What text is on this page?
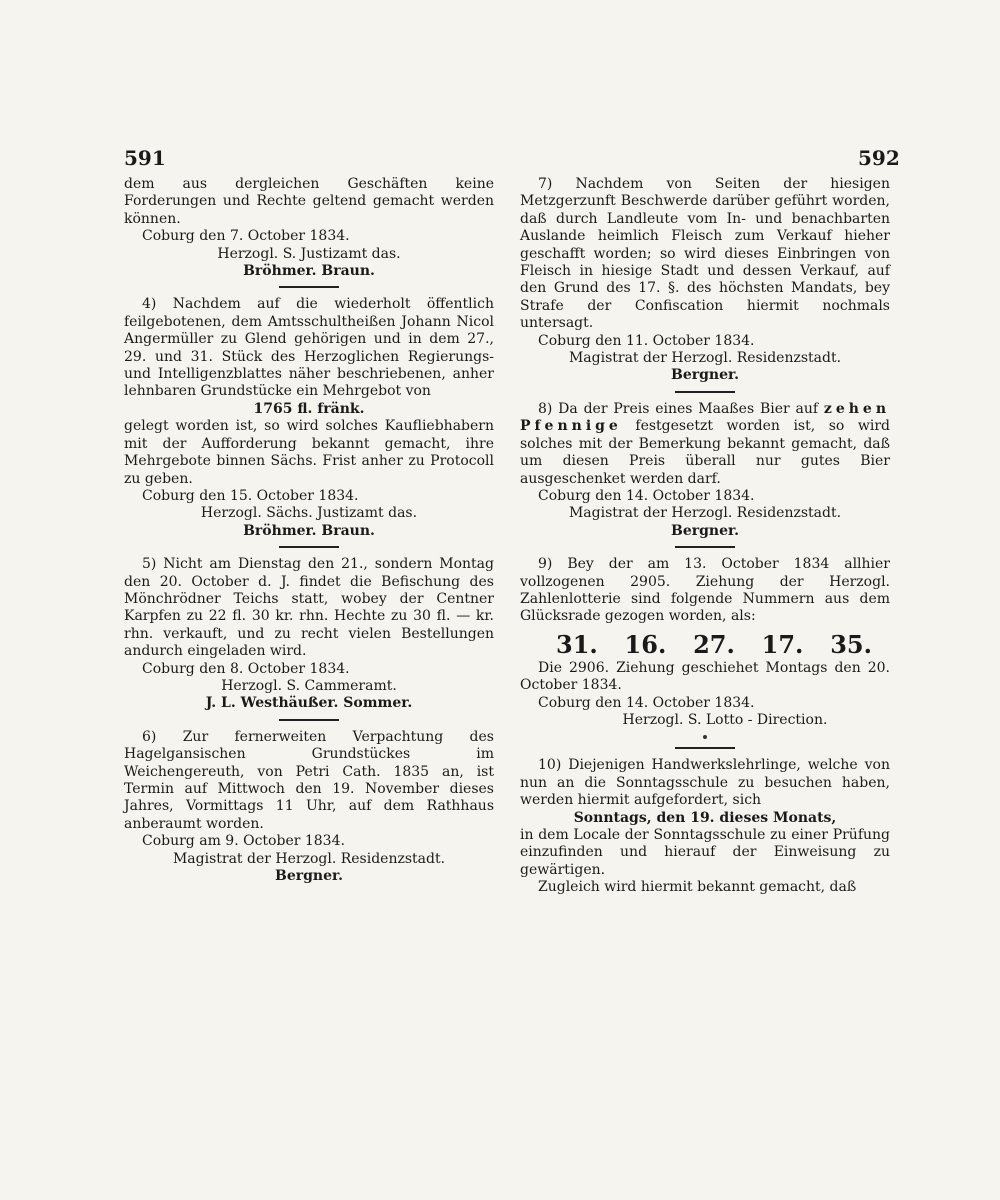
591	592

dem aus dergleichen Geschäften keine Forderungen und Rechte geltend gemacht werden können.

Coburg den 7. October 1834.

Herzogl. S. Justizamt das.

Bröhmer. Braun.

4) Nachdem auf die wiederholt öffentlich feilgebotenen, dem Amtsschultheißen Johann Nicol Angermüller zu Glend gehörigen und in dem 27., 29. und 31. Stück des Herzoglichen Regierungs- und Intelligenzblattes näher beschriebenen, anher lehnbaren Grundstücke ein Mehrgebot von

1765 fl. fränk.

gelegt worden ist, so wird solches Kaufliebhabern mit der Aufforderung bekannt gemacht, ihre Mehrgebote binnen Sächs. Frist anher zu Protocoll zu geben.

Coburg den 15. October 1834.

Herzogl. Sächs. Justizamt das.

Bröhmer. Braun.

5) Nicht am Dienstag den 21., sondern Montag den 20. October d. J. findet die Befischung des Mönchrödner Teichs statt, wobey der Centner Karpfen zu 22 fl. 30 kr. rhn. Hechte zu 30 fl. — kr. rhn. verkauft, und zu recht vielen Bestellungen andurch eingeladen wird.

Coburg den 8. October 1834.

Herzogl. S. Cammeramt.

J. L. Westhäußer. Sommer.

6) Zur fernerweiten Verpachtung des Hagelgansischen Grundstückes im Weichengereuth, von Petri Cath. 1835 an, ist Termin auf Mittwoch den 19. November dieses Jahres, Vormittags 11 Uhr, auf dem Rathhaus anberaumt worden.

Coburg am 9. October 1834.

Magistrat der Herzogl. Residenzstadt.

Bergner.

7) Nachdem von Seiten der hiesigen Metzgerzunft Beschwerde darüber geführt worden, daß durch Landleute vom In- und benachbarten Auslande heimlich Fleisch zum Verkauf hieher geschafft worden; so wird dieses Einbringen von Fleisch in hiesige Stadt und dessen Verkauf, auf den Grund des 17. §. des höchsten Mandats, bey Strafe der Confiscation hiermit nochmals untersagt.

Coburg den 11. October 1834.

Magistrat der Herzogl. Residenzstadt.

Bergner.

8) Da der Preis eines Maaßes Bier auf zehen Pfennige festgesetzt worden ist, so wird solches mit der Bemerkung bekannt gemacht, daß um diesen Preis überall nur gutes Bier ausgeschenket werden darf.

Coburg den 14. October 1834.

Magistrat der Herzogl. Residenzstadt.

Bergner.

9) Bey der am 13. October 1834 allhier vollzogenen 2905. Ziehung der Herzogl. Zahlenlotterie sind folgende Nummern aus dem Glücksrade gezogen worden, als:

31. 16. 27. 17. 35.

Die 2906. Ziehung geschiehet Montags den 20. October 1834.

Coburg den 14. October 1834.

Herzogl. S. Lotto - Direction.

10) Diejenigen Handwerkslehrlinge, welche von nun an die Sonntagsschule zu besuchen haben, werden hiermit aufgefordert, sich

Sonntags, den 19. dieses Monats,

in dem Locale der Sonntagsschule zu einer Prüfung einzufinden und hierauf der Einweisung zu gewärtigen.

Zugleich wird hiermit bekannt gemacht, daß
